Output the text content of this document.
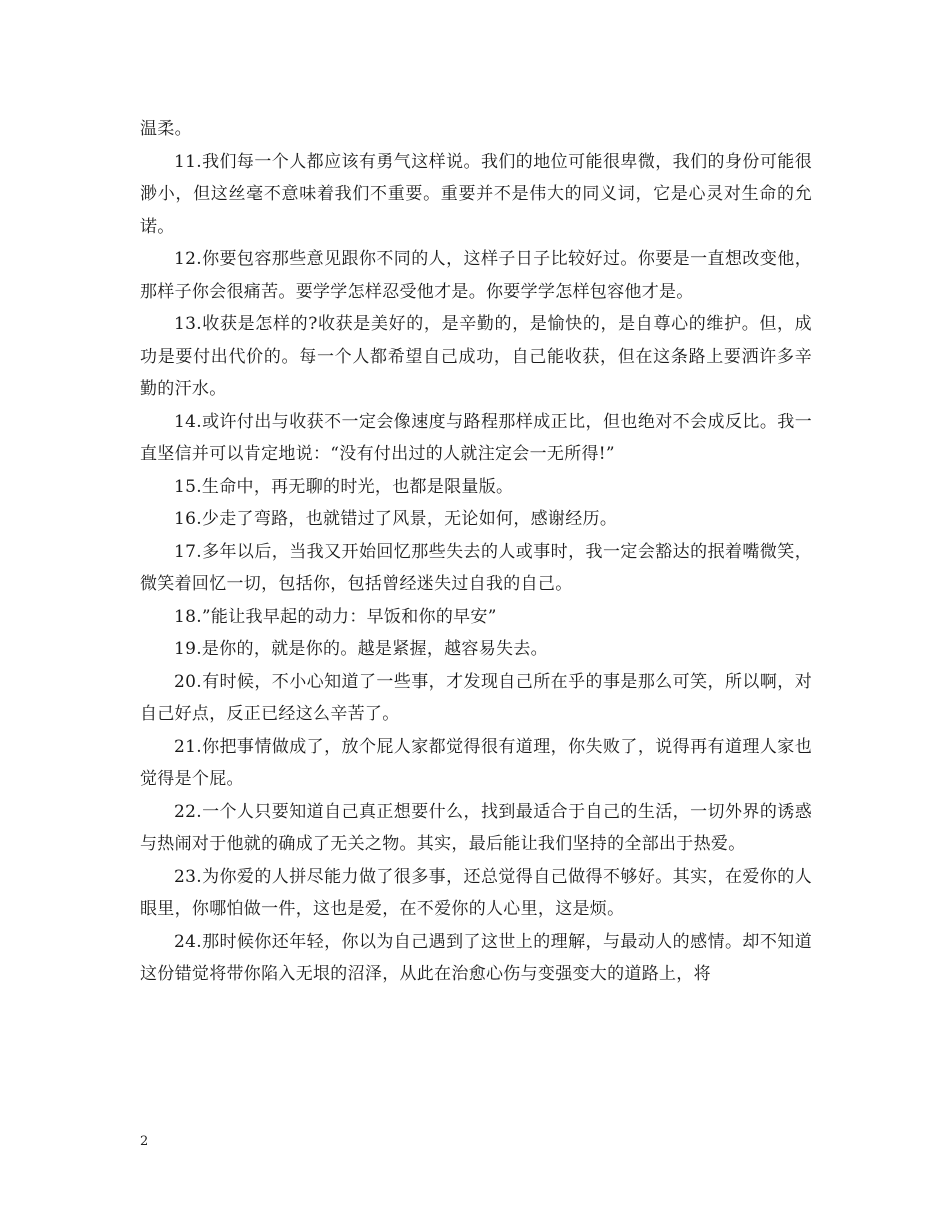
温柔。

11.我们每一个人都应该有勇气这样说。我们的地位可能很卑微，我们的身份可能很渺小，但这丝毫不意味着我们不重要。重要并不是伟大的同义词，它是心灵对生命的允诺。

12.你要包容那些意见跟你不同的人，这样子日子比较好过。你要是一直想改变他，那样子你会很痛苦。要学学怎样忍受他才是。你要学学怎样包容他才是。

13.收获是怎样的?收获是美好的，是辛勤的，是愉快的，是自尊心的维护。但，成功是要付出代价的。每一个人都希望自己成功，自己能收获，但在这条路上要洒许多辛勤的汗水。

14.或许付出与收获不一定会像速度与路程那样成正比，但也绝对不会成反比。我一直坚信并可以肯定地说：“没有付出过的人就注定会一无所得!”

15.生命中，再无聊的时光，也都是限量版。

16.少走了弯路，也就错过了风景，无论如何，感谢经历。

17.多年以后，当我又开始回忆那些失去的人或事时，我一定会豁达的抿着嘴微笑，微笑着回忆一切，包括你，包括曾经迷失过自我的自己。

18.”能让我早起的动力：早饭和你的早安”

19.是你的，就是你的。越是紧握，越容易失去。

20.有时候，不小心知道了一些事，才发现自己所在乎的事是那么可笑，所以啊，对自己好点，反正已经这么辛苦了。

21.你把事情做成了，放个屁人家都觉得很有道理，你失败了，说得再有道理人家也觉得是个屁。

22.一个人只要知道自己真正想要什么，找到最适合于自己的生活，一切外界的诱惑与热闹对于他就的确成了无关之物。其实，最后能让我们坚持的全部出于热爱。

23.为你爱的人拼尽能力做了很多事，还总觉得自己做得不够好。其实，在爱你的人眼里，你哪怕做一件，这也是爱，在不爱你的人心里，这是烦。

24.那时候你还年轻，你以为自己遇到了这世上的理解，与最动人的感情。却不知道这份错觉将带你陷入无垠的沼泽，从此在治愈心伤与变强变大的道路上，将

2
